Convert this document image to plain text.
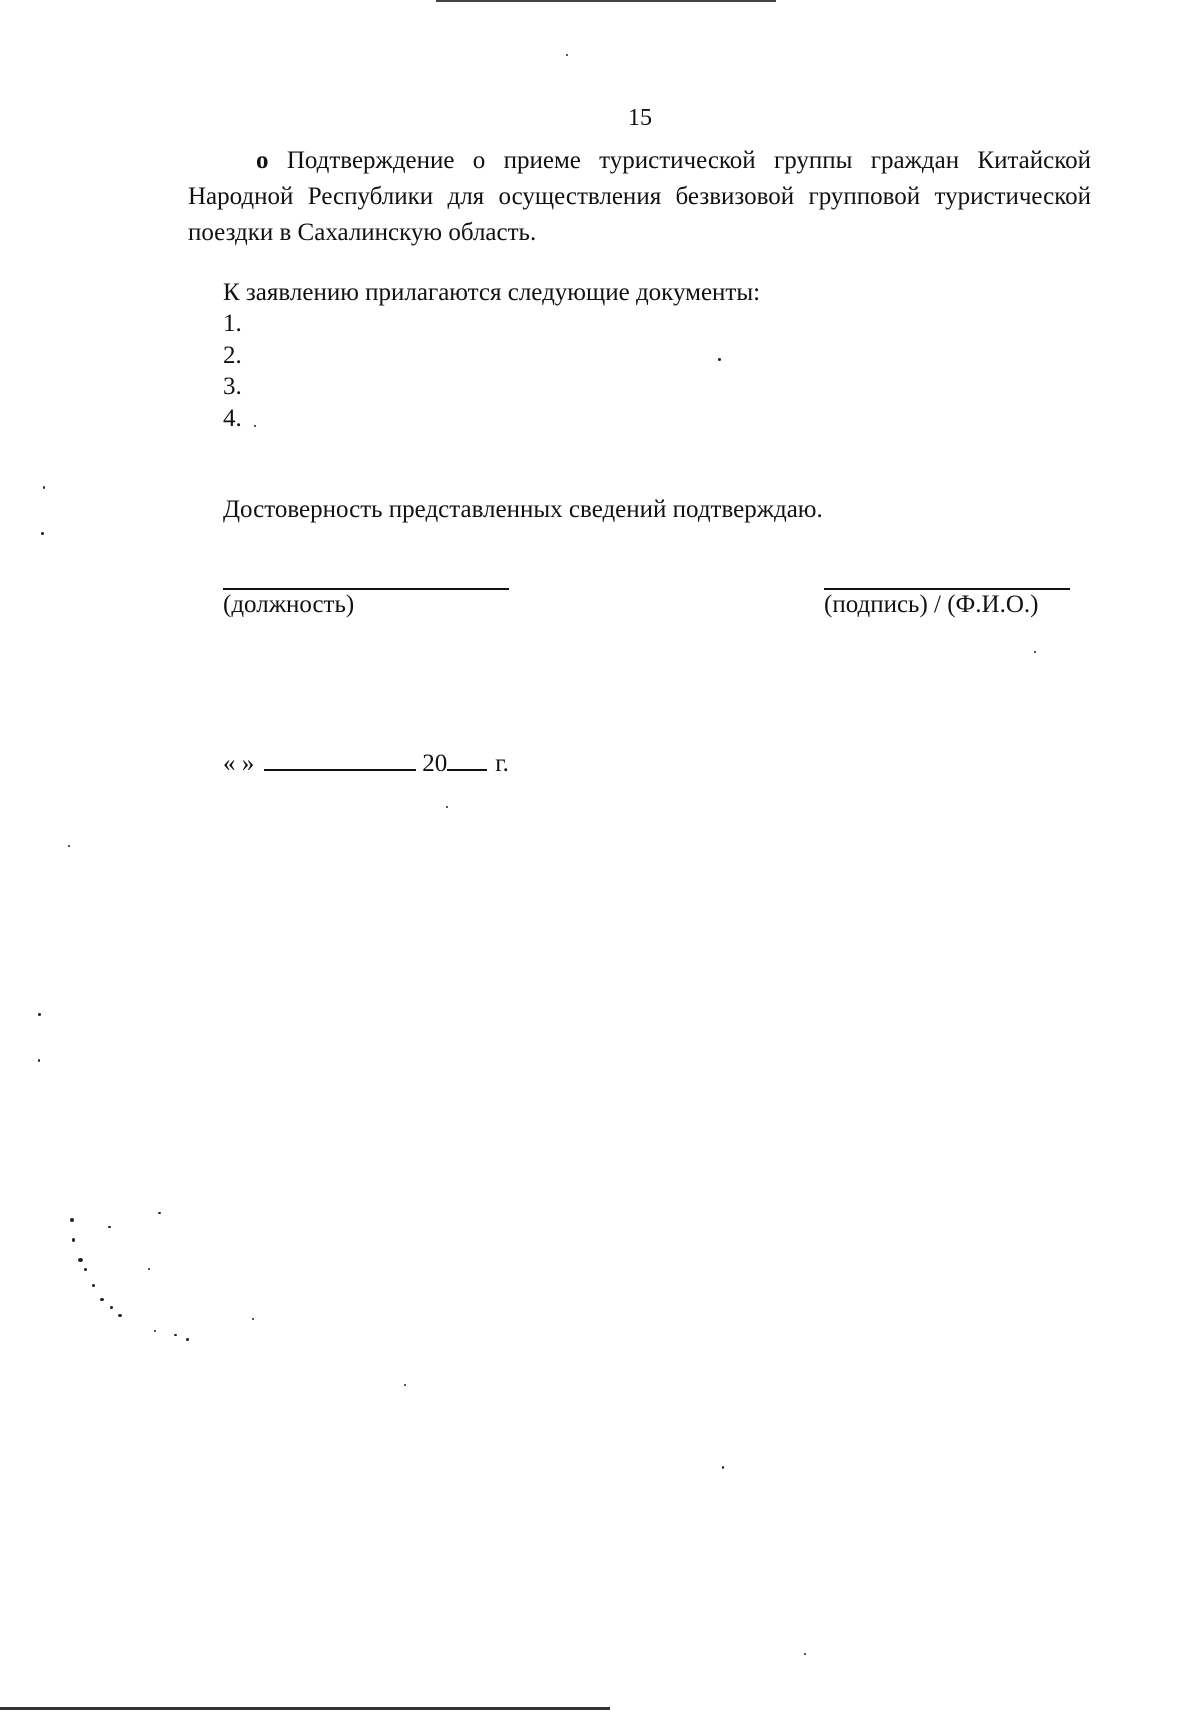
15
o Подтверждение о приеме туристической группы граждан Китайской Народной Республики для осуществления безвизовой групповой туристической поездки в Сахалинскую область.
К заявлению прилагаются следующие документы:
1.
2.
3.
4.
Достоверность представленных сведений подтверждаю.
(должность)	(подпись) / (Ф.И.О.)
« »	20 г.
